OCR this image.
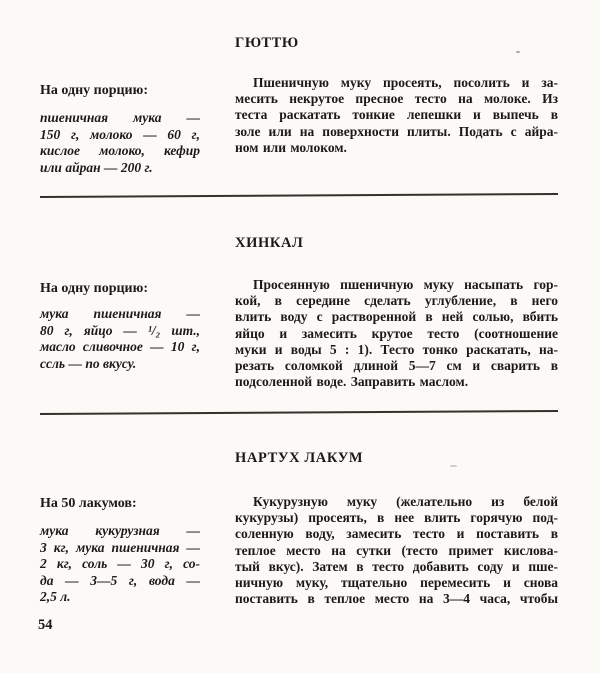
ГЮТТЮ
На одну порцию:
пшеничная мука —
150 г, молоко — 60 г,
кислое молоко, кефир
или айран — 200 г.
Пшеничную муку просеять, посолить и за-
месить некрутое пресное тесто на молоке. Из
теста раскатать тонкие лепешки и выпечь в
золе или на поверхности плиты. Подать с айра-
ном или молоком.
ХИНКАЛ
На одну порцию:
мука пшеничная —
80 г, яйцо — ¹/₂ шт.,
масло сливочное — 10 г,
ссль — по вкусу.
Просеянную пшеничную муку насыпать гор-
кой, в середине сделать углубление, в него
влить воду с растворенной в ней солью, вбить
яйцо и замесить крутое тесто (соотношение
муки и воды 5 : 1). Тесто тонко раскатать, на-
резать соломкой длиной 5—7 см и сварить в
подсоленной воде. Заправить маслом.
НАРТУХ ЛАКУМ
На 50 лакумов:
мука кукурузная —
3 кг, мука пшеничная —
2 кг, соль — 30 г, со-
да — 3—5 г, вода —
2,5 л.
Кукурузную муку (желательно из белой
кукурузы) просеять, в нее влить горячую под-
соленную воду, замесить тесто и поставить в
теплое место на сутки (тесто примет кислова-
тый вкус). Затем в тесто добавить соду и пше-
ничную муку, тщательно перемесить и снова
поставить в теплое место на 3—4 часа, чтобы
54
